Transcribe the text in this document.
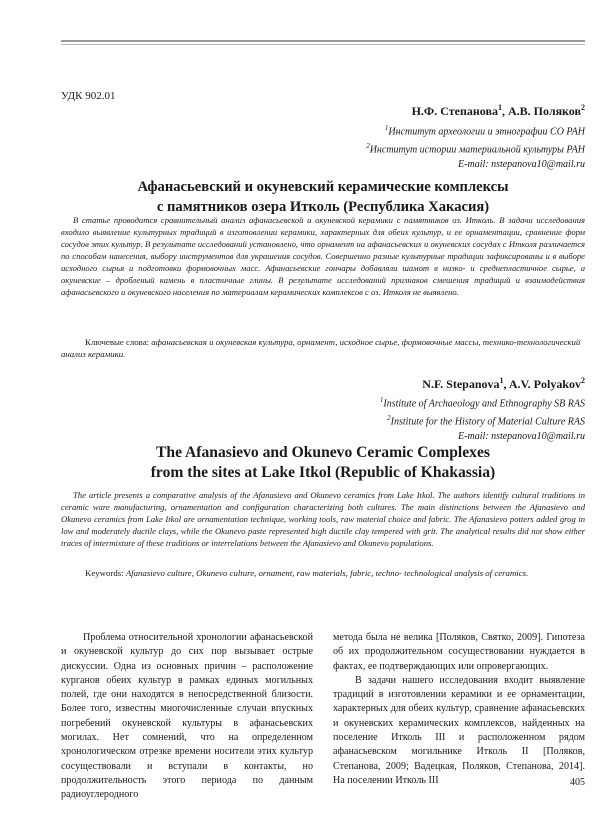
УДК 902.01
Н.Ф. Степанова$^1$, А.В. Поляков$^2$
$^1$Институт археологии и этнографии СО РАН
$^2$Институт истории материальной культуры РАН
E-mail: nstepanova10@mail.ru
Афанасьевский и окуневский керамические комплексы
с памятников озера Итколь (Республика Хакасия)
В статье проводится сравнительный анализ афанасьевской и окуневской керамики с памятников оз. Итколь. В задачи исследования входило выявление культурных традиций в изготовлении керамики, характерных для обеих культур, и ее орнаментации, сравнение форм сосудов этих культур. В результате исследований установлено, что орнамент на афанасьевских и окуневских сосудах с Итколя различается по способам нанесения, выбору инструментов для украшения сосудов. Совершенно разные культурные традиции зафиксированы и в выборе исходного сырья и подготовки формовочных масс. Афанасьевские гончары добавляли шамот в низко- и среднепластичное сырье, а окуневские – дробленый камень в пластичные глины. В результате исследований признаков смешения традиций и взаимодействия афанасьевского и окуневского населения по материалам керамических комплексов с оз. Итколя не выявлено.
Ключевые слова: афанасьевская и окуневская культура, орнамент, исходное сырье, формовочные массы, технико-технологический анализ керамики.
N.F. Stepanova$^1$, A.V. Polyakov$^2$
$^1$Institute of Archaeology and Ethnography SB RAS
$^2$Institute for the History of Material Culture RAS
E-mail: nstepanova10@mail.ru
The Afanasievo and Okunevo Ceramic Complexes
from the sites at Lake Itkol (Republic of Khakassia)
The article presents a comparative analysis of the Afanasievo and Okunevo ceramics from Lake Itkol. The authors identify cultural traditions in ceramic ware manufacturing, ornamentation and configuration characterizing both cultures. The main distinctions between the Afanasievo and Okunevo ceramics from Lake Itkol are ornamentation technique, working tools, raw material choice and fabric. The Afanasievo potters added grog in low and moderately ductile clays, while the Okunevo paste represented high ductile clay tempered with grit. The analytical results did not show either traces of intermixture of these traditions or interrelations between the Afanasievo and Okunevo populations.
Keywords: Afanasievo culture, Okunevo culture, ornament, raw materials, fabric, techno- technological analysis of ceramics.

Проблема относительной хронологии афанасьевской и окуневской культур до сих пор вызывает острые дискуссии. Одна из основных причин – расположение курганов обеих культур в рамках единых могильных полей, где они находятся в непосредственной близости. Более того, известны многочисленные случаи впускных погребений окуневской культуры в афанасьевских могилах. Нет сомнений, что на определенном хронологическом отрезке времени носители этих культур сосуществовали и вступали в контакты, но продолжительность этого периода по данным радиоуглеродного

метода была не велика [Поляков, Святко, 2009]. Гипотеза об их продолжительном сосуществовании нуждается в фактах, ее подтверждающих или опровергающих.

В задачи нашего исследования входит выявление традиций в изготовлении керамики и ее орнаментации, характерных для обеих культур, сравнение афанасьевских и окуневских керамических комплексов, найденных на поселение Итколь III и расположенном рядом афанасьевском могильнике Итколь II [Поляков, Степанова, 2009; Вадецкая, Поляков, Степанова, 2014]. На поселении Итколь III	405
